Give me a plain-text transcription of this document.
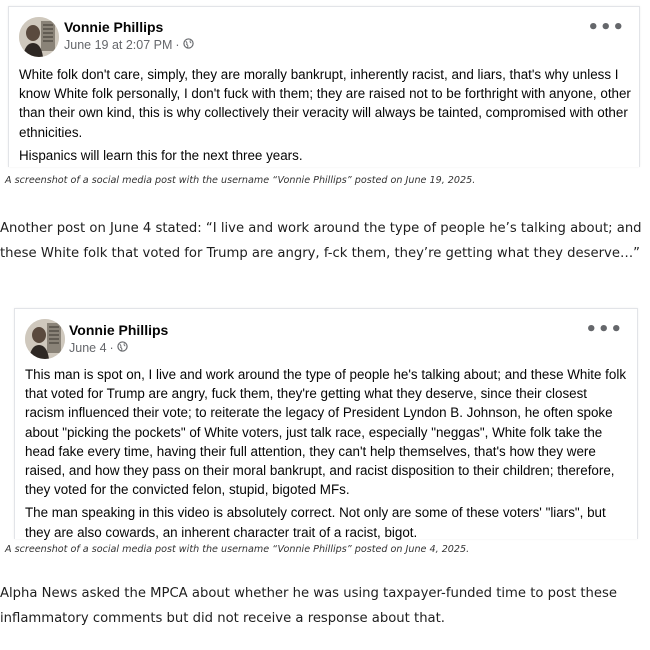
Vonnie Phillips
June 19 at 2:07 PM ·
•••

White folk don't care, simply, they are morally bankrupt, inherently racist, and liars, that's why unless I know White folk personally, I don't fuck with them; they are raised not to be forthright with anyone, other than their own kind, this is why collectively their veracity will always be tainted, compromised with other ethnicities.

Hispanics will learn this for the next three years.

A screenshot of a social media post with the username “Vonnie Phillips” posted on June 19, 2025.
Another post on June 4 stated: “I live and work around the type of people he’s talking about; and these White folk that voted for Trump are angry, f-ck them, they’re getting what they deserve…”
Vonnie Phillips
June 4 ·
•••

This man is spot on, I live and work around the type of people he's talking about; and these White folk that voted for Trump are angry, fuck them, they're getting what they deserve, since their closest racism influenced their vote; to reiterate the legacy of President Lyndon B. Johnson, he often spoke about "picking the pockets" of White voters, just talk race, especially "neggas", White folk take the head fake every time, having their full attention, they can't help themselves, that's how they were raised, and how they pass on their moral bankrupt, and racist disposition to their children; therefore, they voted for the convicted felon, stupid, bigoted MFs.

The man speaking in this video is absolutely correct. Not only are some of these voters' "liars", but they are also cowards, an inherent character trait of a racist, bigot.

A screenshot of a social media post with the username “Vonnie Phillips” posted on June 4, 2025.
Alpha News asked the MPCA about whether he was using taxpayer-funded time to post these inflammatory comments but did not receive a response about that.
